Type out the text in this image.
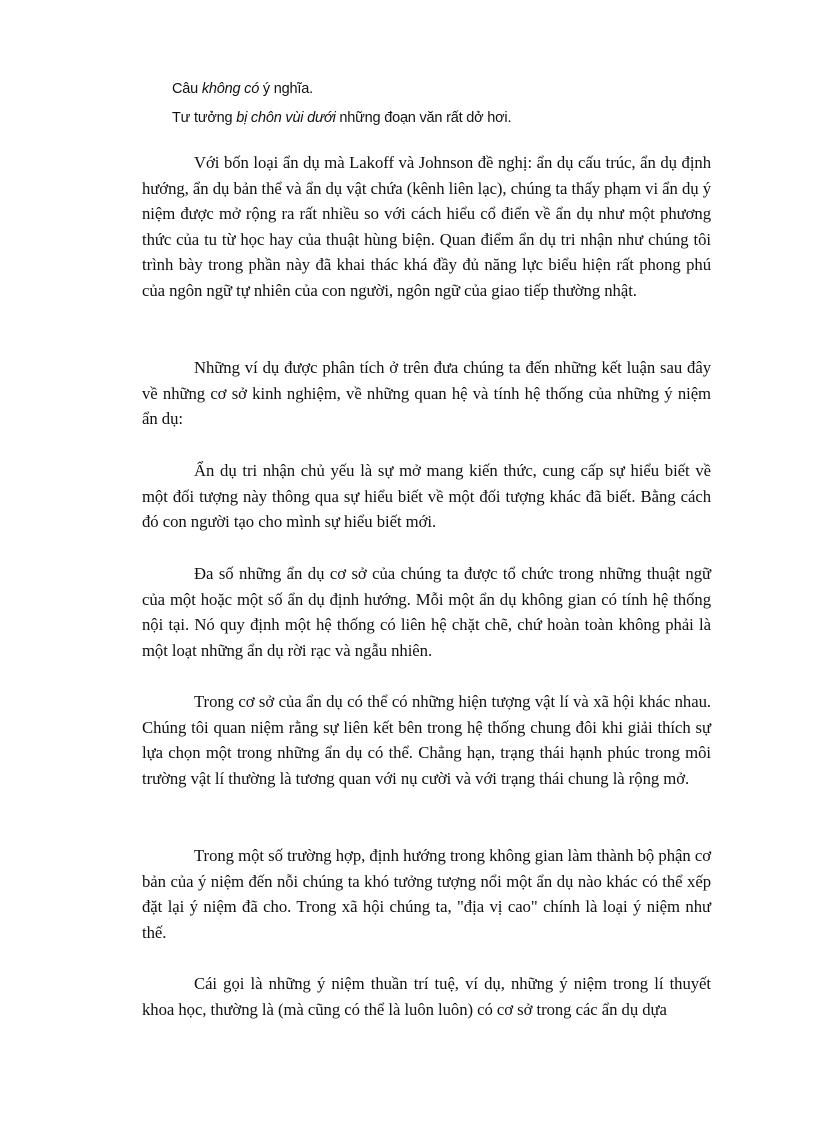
Câu không có ý nghĩa.
Tư tưởng bị chôn vùi dưới những đoạn văn rất dở hơi.

Với bốn loại ẩn dụ mà Lakoff và Johnson đề nghị: ẩn dụ cấu trúc, ẩn dụ định hướng, ẩn dụ bản thể và ẩn dụ vật chứa (kênh liên lạc), chúng ta thấy phạm vi ẩn dụ ý niệm được mở rộng ra rất nhiều so với cách hiểu cổ điển về ẩn dụ như một phương thức của tu từ học hay của thuật hùng biện. Quan điểm ẩn dụ tri nhận như chúng tôi trình bày trong phần này đã khai thác khá đầy đủ năng lực biểu hiện rất phong phú của ngôn ngữ tự nhiên của con người, ngôn ngữ của giao tiếp thường nhật.

Những ví dụ được phân tích ở trên đưa chúng ta đến những kết luận sau đây về những cơ sở kinh nghiệm, về những quan hệ và tính hệ thống của những ý niệm ẩn dụ:

Ẩn dụ tri nhận chủ yếu là sự mở mang kiến thức, cung cấp sự hiểu biết về một đối tượng này thông qua sự hiểu biết về một đối tượng khác đã biết. Bằng cách đó con người tạo cho mình sự hiểu biết mới.

Đa số những ẩn dụ cơ sở của chúng ta được tổ chức trong những thuật ngữ của một hoặc một số ẩn dụ định hướng. Mỗi một ẩn dụ không gian có tính hệ thống nội tại. Nó quy định một hệ thống có liên hệ chặt chẽ, chứ hoàn toàn không phải là một loạt những ẩn dụ rời rạc và ngẫu nhiên.

Trong cơ sở của ẩn dụ có thể có những hiện tượng vật lí và xã hội khác nhau. Chúng tôi quan niệm rằng sự liên kết bên trong hệ thống chung đôi khi giải thích sự lựa chọn một trong những ẩn dụ có thể. Chẳng hạn, trạng thái hạnh phúc trong môi trường vật lí thường là tương quan với nụ cười và với trạng thái chung là rộng mở.

Trong một số trường hợp, định hướng trong không gian làm thành bộ phận cơ bản của ý niệm đến nỗi chúng ta khó tưởng tượng nổi một ẩn dụ nào khác có thể xếp đặt lại ý niệm đã cho. Trong xã hội chúng ta, "địa vị cao" chính là loại ý niệm như thế.

Cái gọi là những ý niệm thuần trí tuệ, ví dụ, những ý niệm trong lí thuyết khoa học, thường là (mà cũng có thể là luôn luôn) có cơ sở trong các ẩn dụ dựa
